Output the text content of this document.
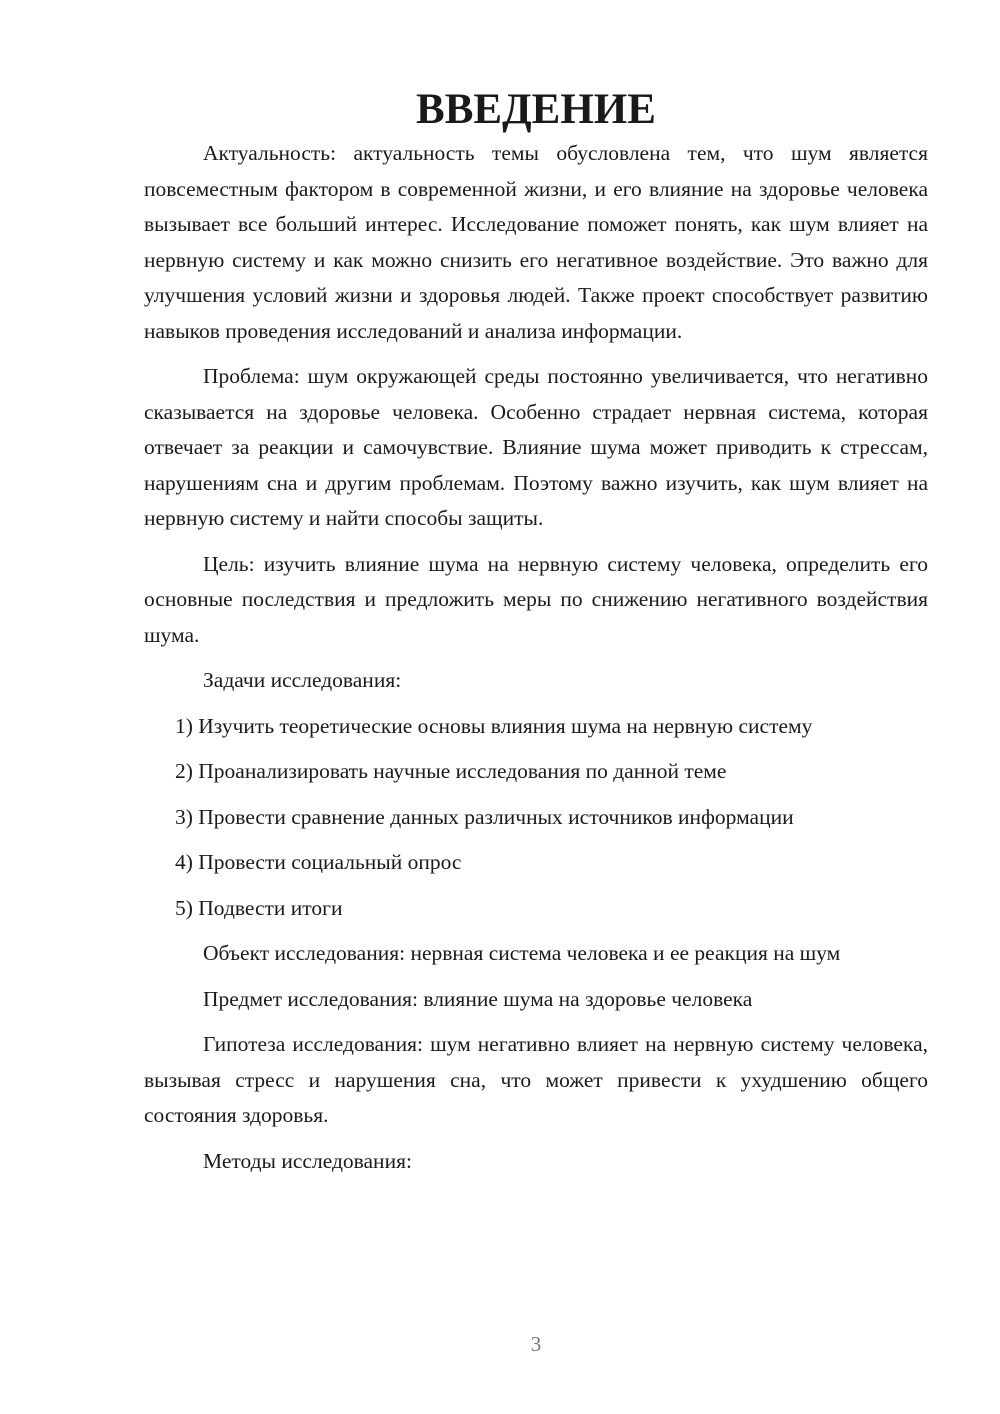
ВВЕДЕНИЕ

Актуальность: актуальность темы обусловлена тем, что шум является повсеместным фактором в современной жизни, и его влияние на здоровье человека вызывает все больший интерес. Исследование поможет понять, как шум влияет на нервную систему и как можно снизить его негативное воздействие. Это важно для улучшения условий жизни и здоровья людей. Также проект способствует развитию навыков проведения исследований и анализа информации.

Проблема: шум окружающей среды постоянно увеличивается, что негативно сказывается на здоровье человека. Особенно страдает нервная система, которая отвечает за реакции и самочувствие. Влияние шума может приводить к стрессам, нарушениям сна и другим проблемам. Поэтому важно изучить, как шум влияет на нервную систему и найти способы защиты.

Цель: изучить влияние шума на нервную систему человека, определить его основные последствия и предложить меры по снижению негативного воздействия шума.

Задачи исследования:

1) Изучить теоретические основы влияния шума на нервную систему
2) Проанализировать научные исследования по данной теме
3) Провести сравнение данных различных источников информации
4) Провести социальный опрос
5) Подвести итоги

Объект исследования: нервная система человека и ее реакция на шум

Предмет исследования: влияние шума на здоровье человека

Гипотеза исследования: шум негативно влияет на нервную систему человека, вызывая стресс и нарушения сна, что может привести к ухудшению общего состояния здоровья.

Методы исследования:

3
